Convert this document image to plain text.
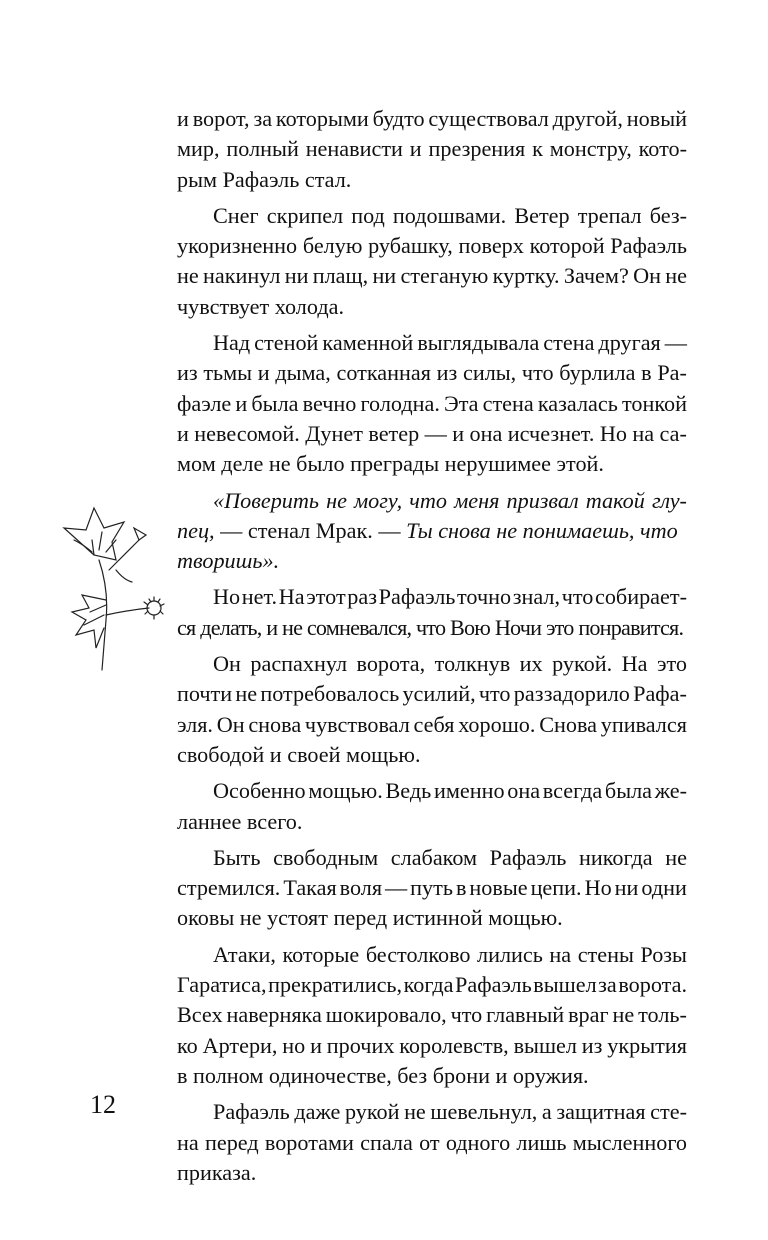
и ворот, за которыми будто существовал другой, новый
мир, полный ненависти и презрения к монстру, кото-
рым Рафаэль стал.
Снег скрипел под подошвами. Ветер трепал без-
укоризненно белую рубашку, поверх которой Рафаэль
не накинул ни плащ, ни стеганую куртку. Зачем? Он не
чувствует холода.
Над стеной каменной выглядывала стена другая —
из тьмы и дыма, сотканная из силы, что бурлила в Ра-
фаэле и была вечно голодна. Эта стена казалась тонкой
и невесомой. Дунет ветер — и она исчезнет. Но на са-
мом деле не было преграды нерушимее этой.
«Поверить не могу, что меня призвал такой глу-
пец, — стенал Мрак. — Ты снова не понимаешь, что
творишь».
Но нет. На этот раз Рафаэль точно знал, что собирает-
ся делать, и не сомневался, что Вою Ночи это понравится.
Он распахнул ворота, толкнув их рукой. На это
почти не потребовалось усилий, что раззадорило Рафа-
эля. Он снова чувствовал себя хорошо. Снова упивался
свободой и своей мощью.
Особенно мощью. Ведь именно она всегда была же-
ланнее всего.
Быть свободным слабаком Рафаэль никогда не
стремился. Такая воля — путь в новые цепи. Но ни одни
оковы не устоят перед истинной мощью.
Атаки, которые бестолково лились на стены Розы
Гаратиса, прекратились, когда Рафаэль вышел за ворота.
Всех наверняка шокировало, что главный враг не толь-
ко Артери, но и прочих королевств, вышел из укрытия
в полном одиночестве, без брони и оружия.
Рафаэль даже рукой не шевельнул, а защитная сте-
на перед воротами спала от одного лишь мысленного
приказа.
12
